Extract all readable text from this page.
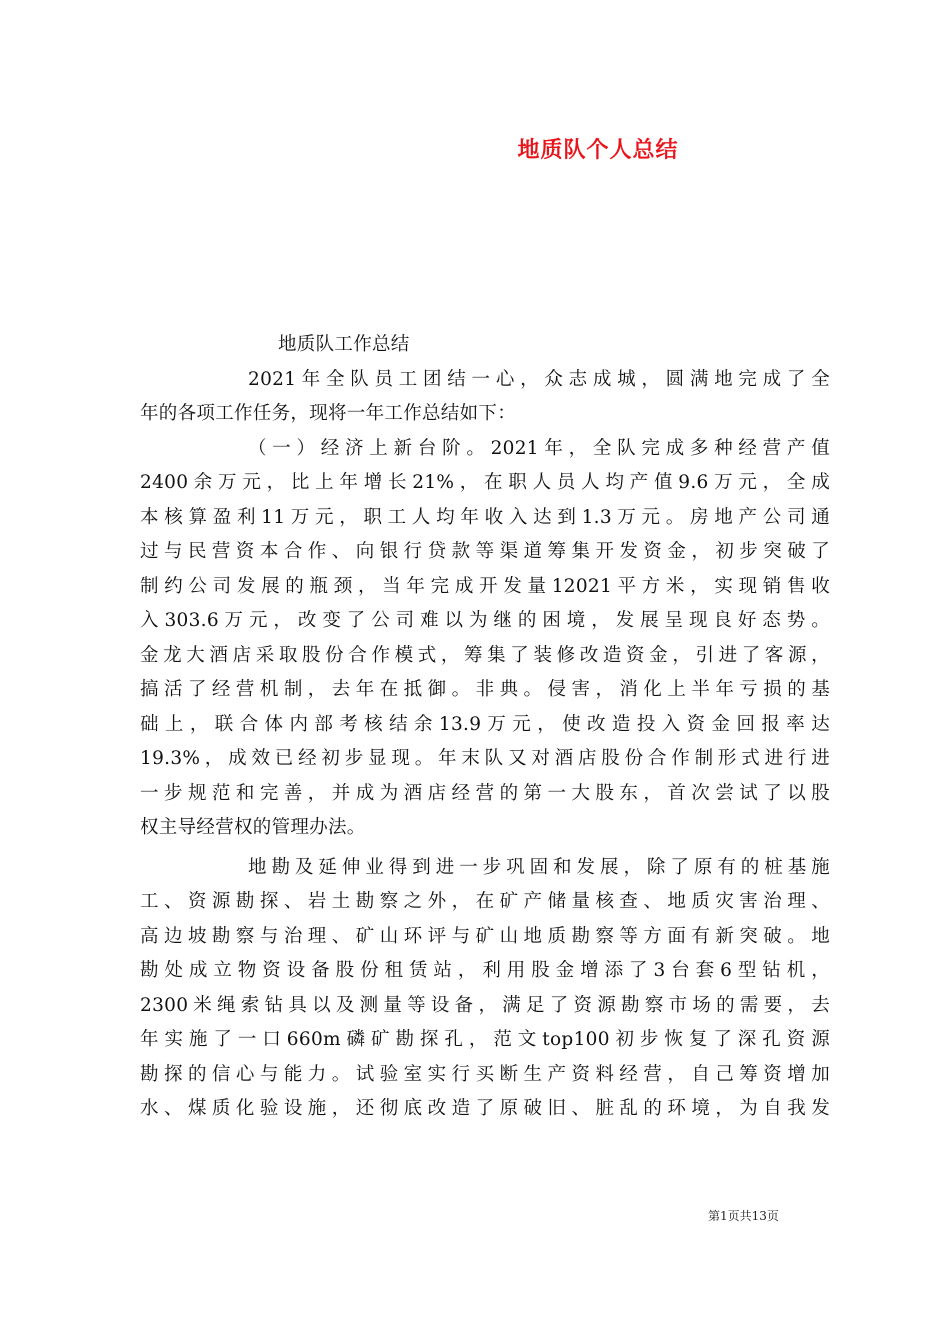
地质队个人总结
地质队工作总结
2021年全队员工团结一心，众志成城，圆满地完成了全
年的各项工作任务，现将一年工作总结如下：
（一）经济上新台阶。2021年，全队完成多种经营产值
2400余万元，比上年增长21%，在职人员人均产值9.6万元，全成
本核算盈利11万元，职工人均年收入达到1.3万元。房地产公司通
过与民营资本合作、向银行贷款等渠道筹集开发资金，初步突破了
制约公司发展的瓶颈，当年完成开发量12021平方米，实现销售收
入303.6万元，改变了公司难以为继的困境，发展呈现良好态势。
金龙大酒店采取股份合作模式，筹集了装修改造资金，引进了客源，
搞活了经营机制，去年在抵御。非典。侵害，消化上半年亏损的基
础上，联合体内部考核结余13.9万元，使改造投入资金回报率达
19.3%，成效已经初步显现。年末队又对酒店股份合作制形式进行进
一步规范和完善，并成为酒店经营的第一大股东，首次尝试了以股
权主导经营权的管理办法。
地勘及延伸业得到进一步巩固和发展，除了原有的桩基施
工、资源勘探、岩土勘察之外，在矿产储量核查、地质灾害治理、
高边坡勘察与治理、矿山环评与矿山地质勘察等方面有新突破。地
勘处成立物资设备股份租赁站，利用股金增添了3台套6型钻机，
2300米绳索钻具以及测量等设备，满足了资源勘察市场的需要，去
年实施了一口660m磷矿勘探孔，范文top100初步恢复了深孔资源
勘探的信心与能力。试验室实行买断生产资料经营，自己筹资增加
水、煤质化验设施，还彻底改造了原破旧、脏乱的环境，为自我发
第1页共13页
